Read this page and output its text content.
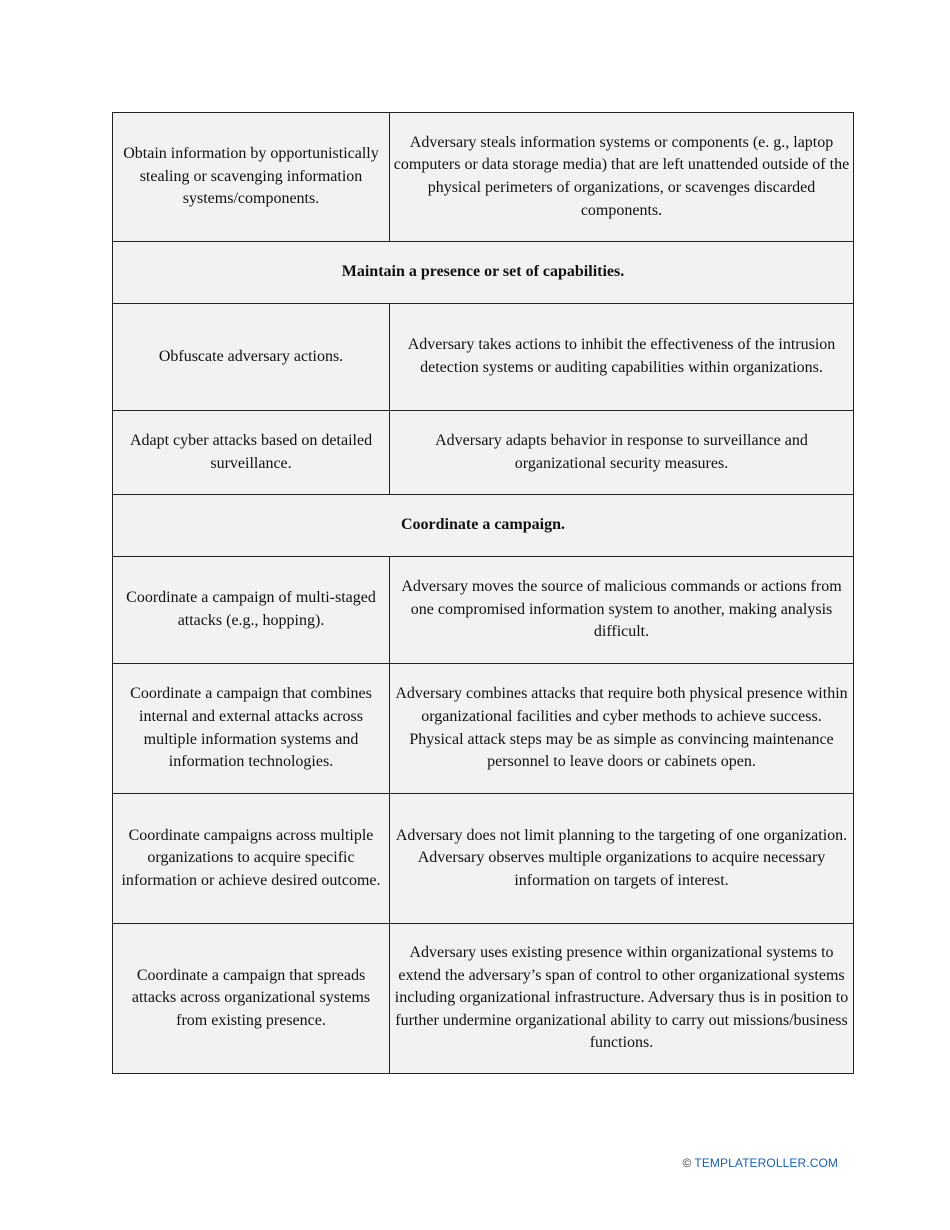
Obtain information by opportunistically stealing or scavenging information systems/components.	Adversary steals information systems or components (e. g., laptop computers or data storage media) that are left unattended outside of the physical perimeters of organizations, or scavenges discarded components.
Maintain a presence or set of capabilities.	
Obfuscate adversary actions.	Adversary takes actions to inhibit the effectiveness of the intrusion detection systems or auditing capabilities within organizations.
Adapt cyber attacks based on detailed surveillance.	Adversary adapts behavior in response to surveillance and organizational security measures.
Coordinate a campaign.	
Coordinate a campaign of multi-staged attacks (e.g., hopping).	Adversary moves the source of malicious commands or actions from one compromised information system to another, making analysis difficult.
Coordinate a campaign that combines internal and external attacks across multiple information systems and information technologies.	Adversary combines attacks that require both physical presence within organizational facilities and cyber methods to achieve success. Physical attack steps may be as simple as convincing maintenance personnel to leave doors or cabinets open.
Coordinate campaigns across multiple organizations to acquire specific information or achieve desired outcome.	Adversary does not limit planning to the targeting of one organization. Adversary observes multiple organizations to acquire necessary information on targets of interest.
Coordinate a campaign that spreads attacks across organizational systems from existing presence.	Adversary uses existing presence within organizational systems to extend the adversary’s span of control to other organizational systems including organizational infrastructure. Adversary thus is in position to further undermine organizational ability to carry out missions/business functions.
© TEMPLATEROLLER.COM
